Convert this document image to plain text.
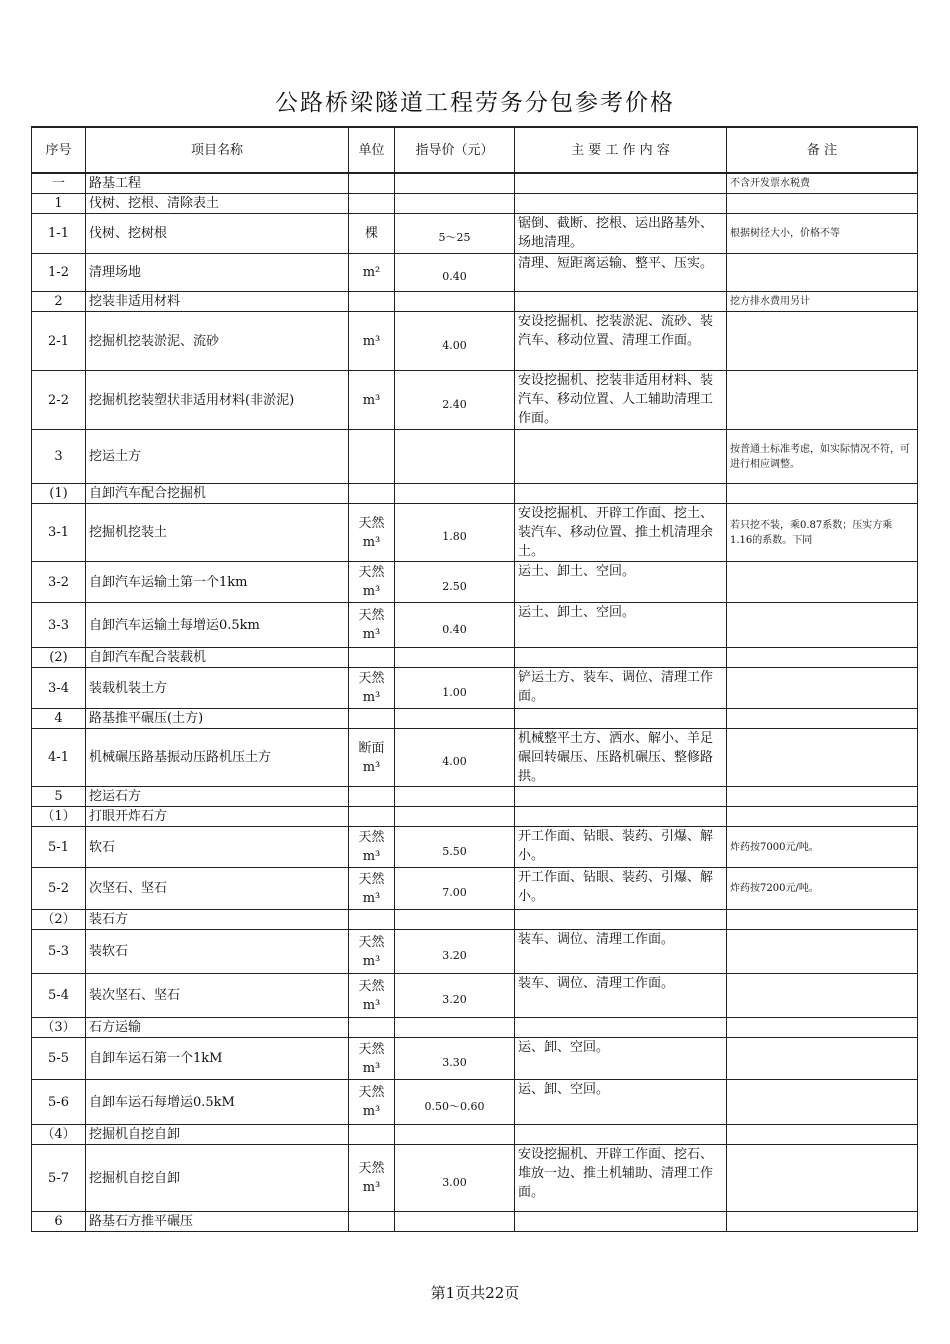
公路桥梁隧道工程劳务分包参考价格
序号	项目名称	单位	指导价（元）	主 要 工 作 内 容	备 注
一	路基工程				不含开发票水税费
1	伐树、挖根、清除表土				
1-1	伐树、挖树根	棵	5～25	锯倒、截断、挖根、运出路基外、场地清理。	根据树径大小，价格不等
1-2	清理场地	m²	0.40	清理、短距离运输、整平、压实。	
2	挖装非适用材料				挖方排水费用另计
2-1	挖掘机挖装淤泥、流砂	m³	4.00	安设挖掘机、挖装淤泥、流砂、装汽车、移动位置、清理工作面。	
2-2	挖掘机挖装塑状非适用材料(非淤泥)	m³	2.40	安设挖掘机、挖装非适用材料、装汽车、移动位置、人工辅助清理工作面。	
3	挖运土方				按普通土标准考虑，如实际情况不符，可进行相应调整。
(1)	自卸汽车配合挖掘机				
3-1	挖掘机挖装土	天然m³	1.80	安设挖掘机、开辟工作面、挖土、装汽车、移动位置、推土机清理余土。	若只挖不装，乘0.87系数；压实方乘1.16的系数。下同
3-2	自卸汽车运输土第一个1km	天然m³	2.50	运土、卸土、空回。	
3-3	自卸汽车运输土每增运0.5km	天然m³	0.40	运土、卸土、空回。	
(2)	自卸汽车配合装载机				
3-4	装载机装土方	天然m³	1.00	铲运土方、装车、调位、清理工作面。	
4	路基推平碾压(土方)				
4-1	机械碾压路基振动压路机压土方	断面m³	4.00	机械整平土方、洒水、解小、羊足碾回转碾压、压路机碾压、整修路拱。	
5	挖运石方				
（1）	打眼开炸石方				
5-1	软石	天然m³	5.50	开工作面、钻眼、装药、引爆、解小。	炸药按7000元/吨。
5-2	次坚石、坚石	天然m³	7.00	开工作面、钻眼、装药、引爆、解小。	炸药按7200元/吨。
（2）	装石方				
5-3	装软石	天然m³	3.20	装车、调位、清理工作面。	
5-4	装次坚石、坚石	天然m³	3.20	装车、调位、清理工作面。	
（3）	石方运输				
5-5	自卸车运石第一个1kM	天然m³	3.30	运、卸、空回。	
5-6	自卸车运石每增运0.5kM	天然m³	0.50～0.60	运、卸、空回。	
（4）	挖掘机自挖自卸				
5-7	挖掘机自挖自卸	天然m³	3.00	安设挖掘机、开辟工作面、挖石、堆放一边、推土机辅助、清理工作面。	
6	路基石方推平碾压				
第1页共22页
